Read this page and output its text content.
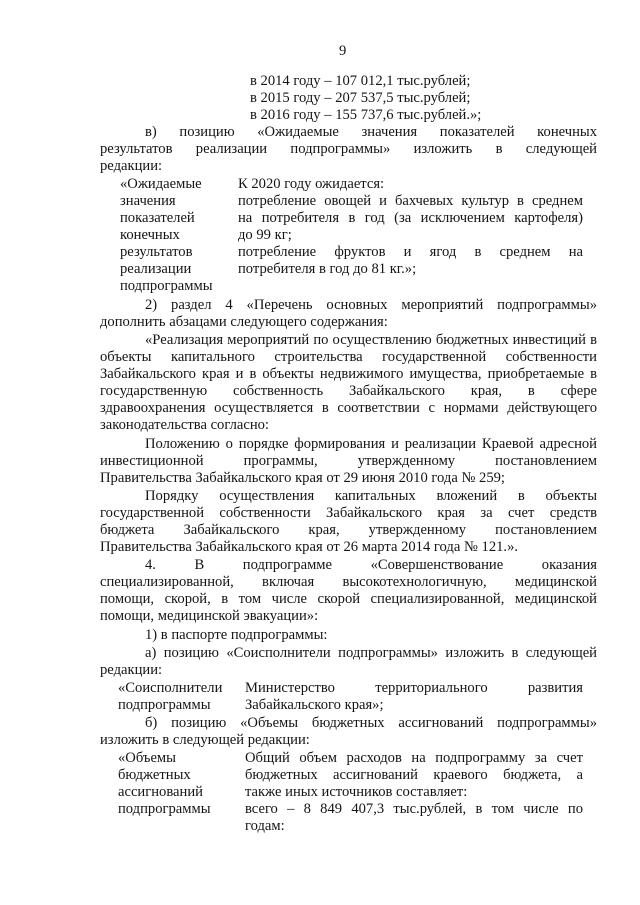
9
в 2014 году – 107 012,1 тыс.рублей;
в 2015 году – 207 537,5 тыс.рублей;
в 2016 году – 155 737,6 тыс.рублей.»;
в) позицию «Ожидаемые значения показателей конечных
результатов реализации подпрограммы» изложить в следующей
редакции:
«Ожидаемые
значения
показателей
конечных
результатов
реализации
подпрограммы
К 2020 году ожидается:
потребление овощей и бахчевых культур в среднем
на потребителя в год (за исключением картофеля)
до 99 кг;
потребление фруктов и ягод в среднем на
потребителя в год до 81 кг.»;
2) раздел 4 «Перечень основных мероприятий подпрограммы»
дополнить абзацами следующего содержания:
«Реализация мероприятий по осуществлению бюджетных инвестиций в
объекты капитального строительства государственной собственности
Забайкальского края и в объекты недвижимого имущества, приобретаемые в
государственную собственность Забайкальского края, в сфере
здравоохранения осуществляется в соответствии с нормами действующего
законодательства согласно:
Положению о порядке формирования и реализации Краевой адресной
инвестиционной программы, утвержденному постановлением
Правительства Забайкальского края от 29 июня 2010 года № 259;
Порядку осуществления капитальных вложений в объекты
государственной собственности Забайкальского края за счет средств
бюджета Забайкальского края, утвержденному постановлением
Правительства Забайкальского края от 26 марта 2014 года № 121.».
4. В подпрограмме «Совершенствование оказания
специализированной, включая высокотехнологичную, медицинской
помощи, скорой, в том числе скорой специализированной, медицинской
помощи, медицинской эвакуации»:
1) в паспорте подпрограммы:
а) позицию «Соисполнители подпрограммы» изложить в следующей
редакции:
«Соисполнители
подпрограммы
Министерство территориального развития
Забайкальского края»;
б) позицию «Объемы бюджетных ассигнований подпрограммы»
изложить в следующей редакции:
«Объемы
бюджетных
ассигнований
подпрограммы
Общий объем расходов на подпрограмму за счет
бюджетных ассигнований краевого бюджета, а
также иных источников составляет:
всего – 8 849 407,3 тыс.рублей, в том числе по
годам:
